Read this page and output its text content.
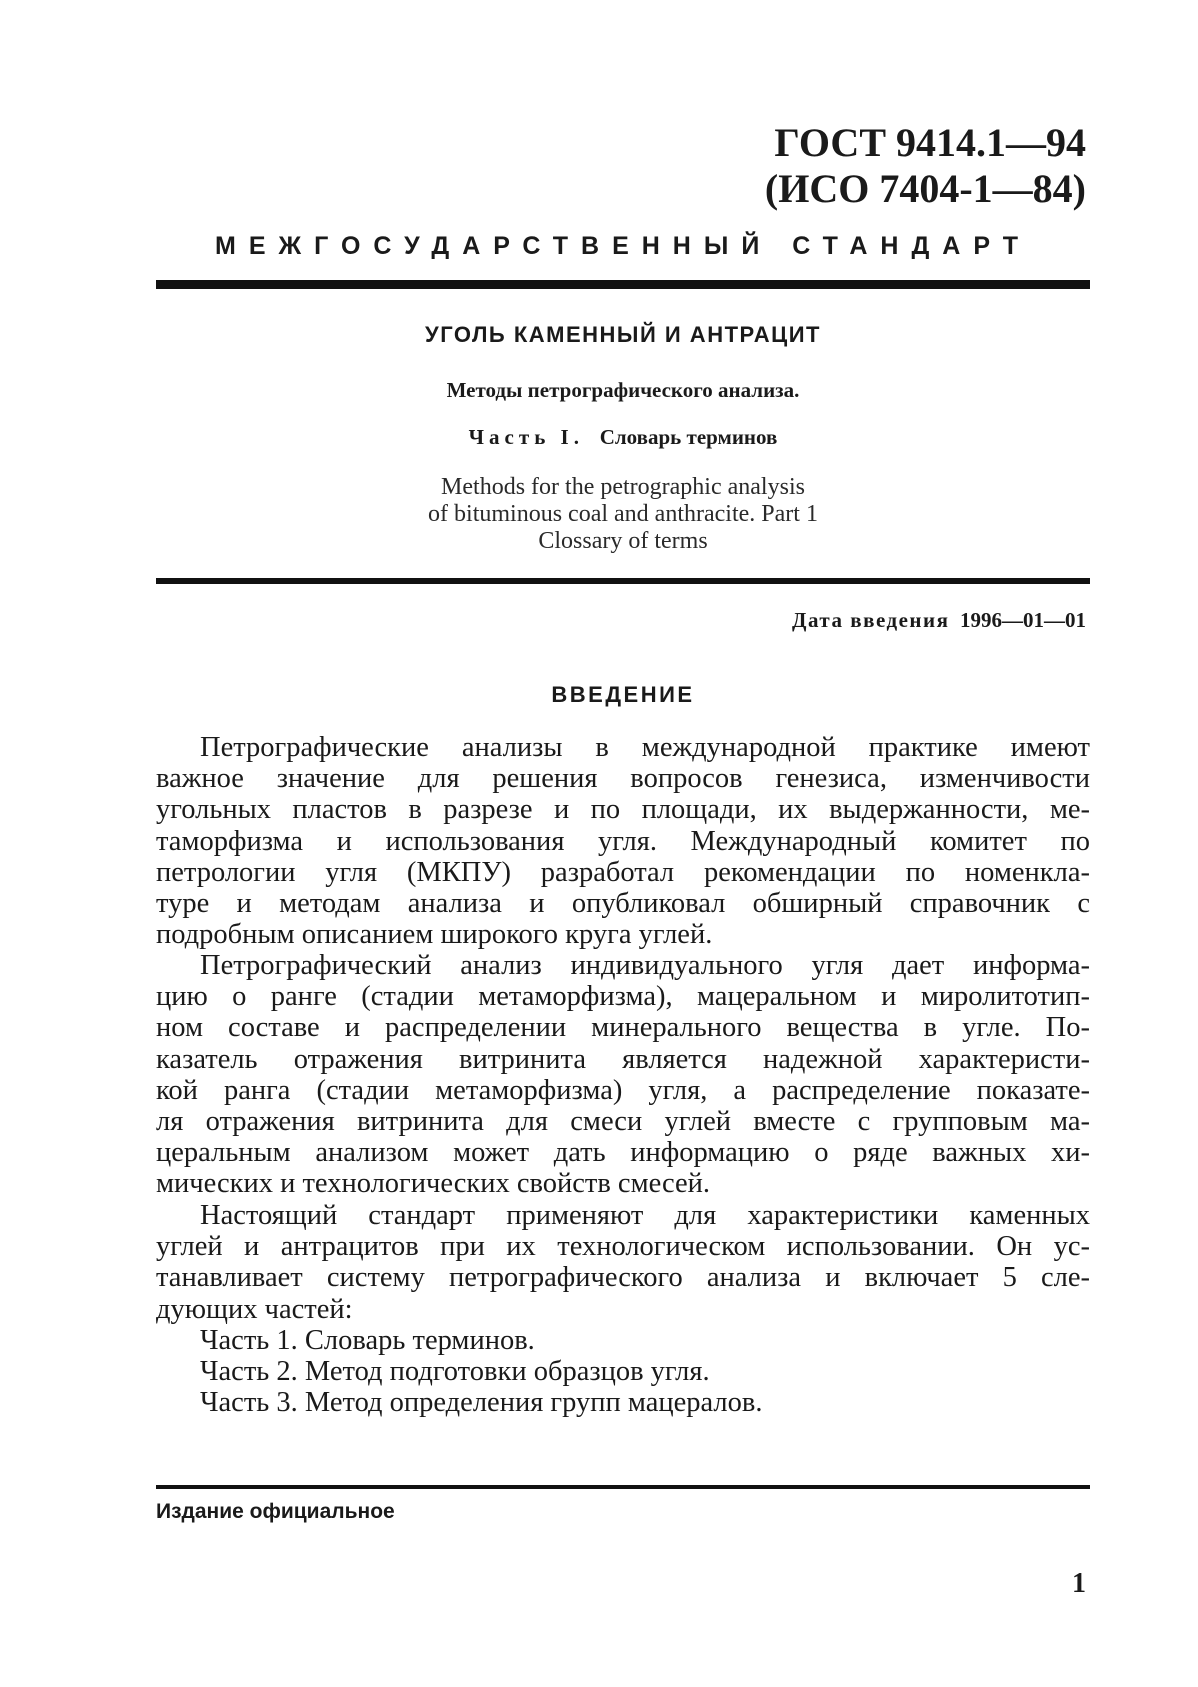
ГОСТ 9414.1—94
(ИСО 7404-1—84)
МЕЖГОСУДАРСТВЕННЫЙ СТАНДАРТ
УГОЛЬ КАМЕННЫЙ И АНТРАЦИТ
Методы петрографического анализа.
Часть I. Словарь терминов
Methods for the petrographic analysis
of bituminous coal and anthracite. Part 1
Clossary of terms
Дата введения 1996—01—01
ВВЕДЕНИЕ
Петрографические анализы в международной практике имеют
важное значение для решения вопросов генезиса, изменчивости
угольных пластов в разрезе и по площади, их выдержанности, ме-
таморфизма и использования угля. Международный комитет по
петрологии угля (МКПУ) разработал рекомендации по номенкла-
туре и методам анализа и опубликовал обширный справочник с
подробным описанием широкого круга углей.
Петрографический анализ индивидуального угля дает информа-
цию о ранге (стадии метаморфизма), мацеральном и миролитотип-
ном составе и распределении минерального вещества в угле. По-
казатель отражения витринита является надежной характеристи-
кой ранга (стадии метаморфизма) угля, а распределение показате-
ля отражения витринита для смеси углей вместе с групповым ма-
церальным анализом может дать информацию о ряде важных хи-
мических и технологических свойств смесей.
Настоящий стандарт применяют для характеристики каменных
углей и антрацитов при их технологическом использовании. Он ус-
танавливает систему петрографического анализа и включает 5 сле-
дующих частей:
Часть 1. Словарь терминов.
Часть 2. Метод подготовки образцов угля.
Часть 3. Метод определения групп мацералов.
Издание официальное
1
